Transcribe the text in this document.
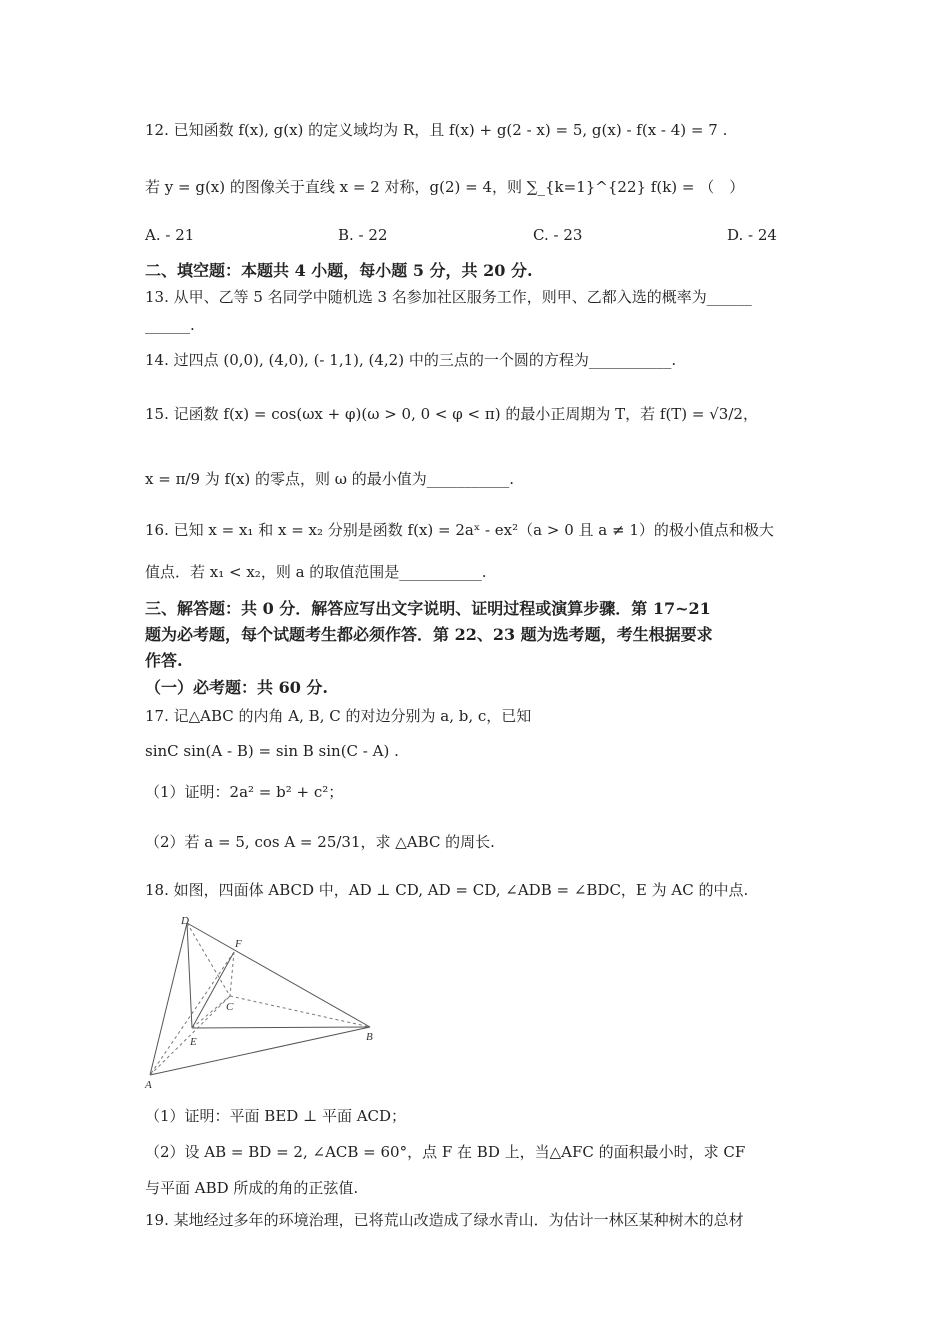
12. 已知函数 f(x), g(x) 的定义域均为 R，且 f(x) + g(2 - x) = 5, g(x) - f(x - 4) = 7 .
若 y = g(x) 的图像关于直线 x = 2 对称，g(2) = 4，则 ∑_{k=1}^{22} f(k) = （　）
A. - 21	B. - 22	C. - 23	D. - 24
二、填空题：本题共 4 小题，每小题 5 分，共 20 分.
13. 从甲、乙等 5 名同学中随机选 3 名参加社区服务工作，则甲、乙都入选的概率为______
______.
14. 过四点 (0,0), (4,0), (- 1,1), (4,2) 中的三点的一个圆的方程为___________.
15. 记函数 f(x) = cos(ωx + φ)(ω > 0, 0 < φ < π) 的最小正周期为 T，若 f(T) = √3/2，
x = π/9 为 f(x) 的零点，则 ω 的最小值为___________.
16. 已知 x = x₁ 和 x = x₂ 分别是函数 f(x) = 2aˣ - ex²（a > 0 且 a ≠ 1）的极小值点和极大
值点．若 x₁ < x₂，则 a 的取值范围是___________.
三、解答题：共 0 分．解答应写出文字说明、证明过程或演算步骤．第 17~21
题为必考题，每个试题考生都必须作答．第 22、23 题为选考题，考生根据要求
作答.
（一）必考题：共 60 分.
17. 记△ABC 的内角 A, B, C 的对边分别为 a, b, c，已知
sinC sin(A - B) = sin B sin(C - A) .
（1）证明：2a² = b² + c²；
（2）若 a = 5, cos A = 25/31，求 △ABC 的周长.
18. 如图，四面体 ABCD 中，AD ⊥ CD, AD = CD, ∠ADB = ∠BDC，E 为 AC 的中点.
D
F
C
E	B
A
（1）证明：平面 BED ⊥ 平面 ACD；
（2）设 AB = BD = 2, ∠ACB = 60°，点 F 在 BD 上，当△AFC 的面积最小时，求 CF
与平面 ABD 所成的角的正弦值.
19. 某地经过多年的环境治理，已将荒山改造成了绿水青山．为估计一林区某种树木的总材
